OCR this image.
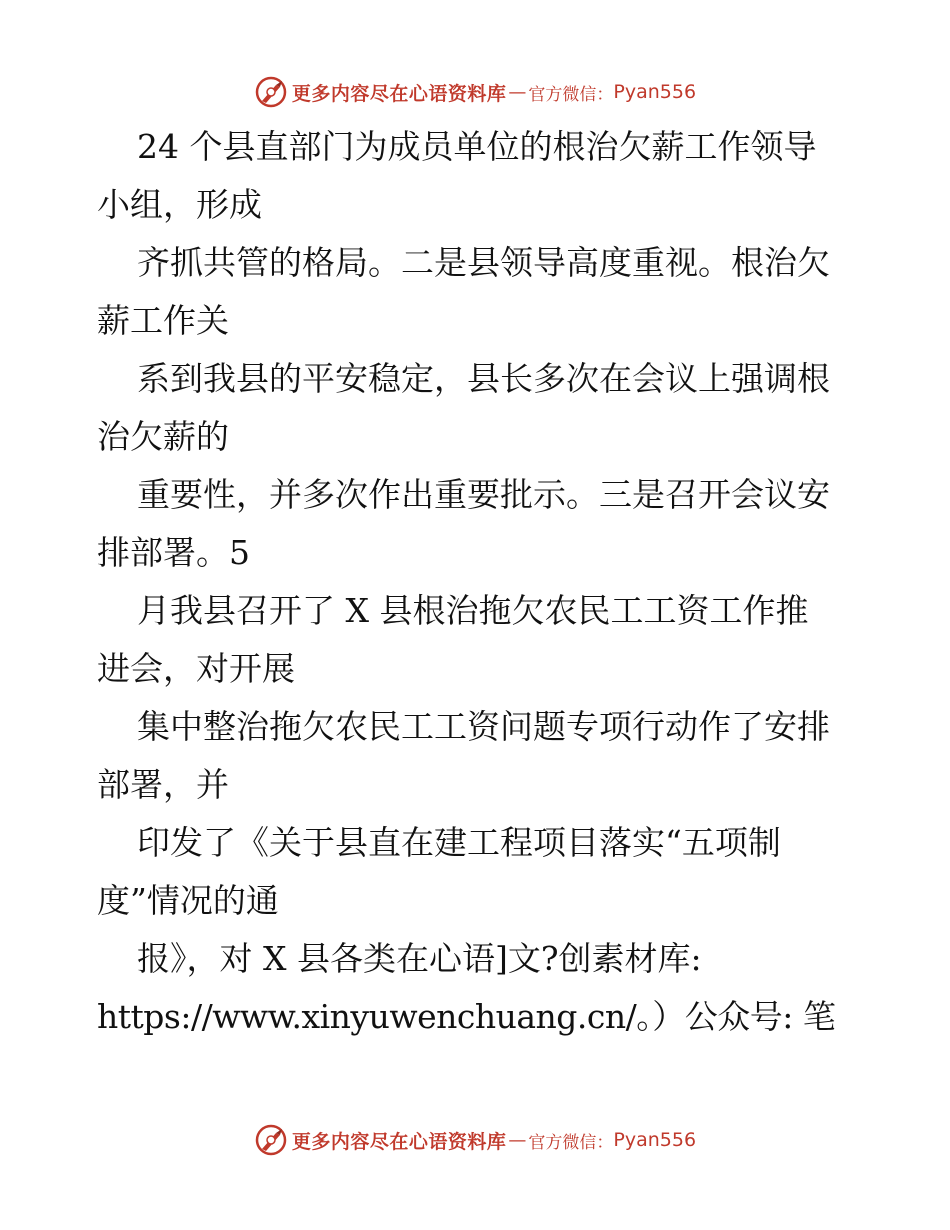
更多内容尽在心语资料库 — 官方微信： Pyan556
24 个县直部门为成员单位的根治欠薪工作领导
小组，形成
齐抓共管的格局。二是县领导高度重视。根治欠
薪工作关
系到我县的平安稳定，县长多次在会议上强调根
治欠薪的
重要性，并多次作出重要批示。三是召开会议安
排部署。5
月我县召开了 X 县根治拖欠农民工工资工作推
进会，对开展
集中整治拖欠农民工工资问题专项行动作了安排
部署，并
印发了《关于县直在建工程项目落实“五项制
度”情况的通
报》，对 X 县各类在心语]文?创素材库:
https://www.xinyuwenchuang.cn/。）公众号: 笔
更多内容尽在心语资料库 — 官方微信： Pyan556
